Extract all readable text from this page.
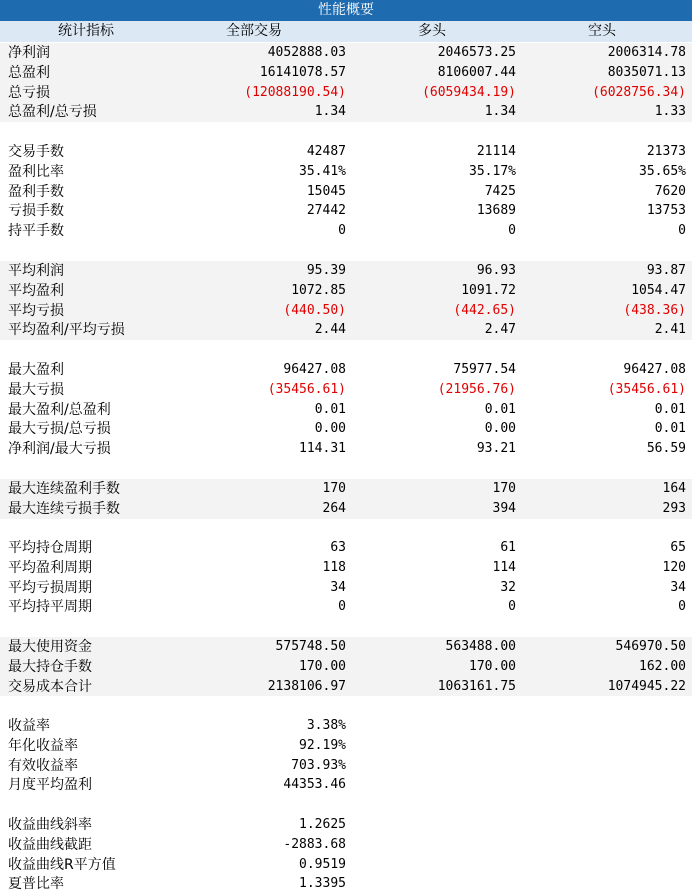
性能概要
统计指标	全部交易	多头	空头
净利润	4052888.03	2046573.25	2006314.78
总盈利	16141078.57	8106007.44	8035071.13
总亏损	(12088190.54)	(6059434.19)	(6028756.34)
总盈利/总亏损	1.34	1.34	1.33
交易手数	42487	21114	21373
盈利比率	35.41%	35.17%	35.65%
盈利手数	15045	7425	7620
亏损手数	27442	13689	13753
持平手数	0	0	0
平均利润	95.39	96.93	93.87
平均盈利	1072.85	1091.72	1054.47
平均亏损	(440.50)	(442.65)	(438.36)
平均盈利/平均亏损	2.44	2.47	2.41
最大盈利	96427.08	75977.54	96427.08
最大亏损	(35456.61)	(21956.76)	(35456.61)
最大盈利/总盈利	0.01	0.01	0.01
最大亏损/总亏损	0.00	0.00	0.01
净利润/最大亏损	114.31	93.21	56.59
最大连续盈利手数	170	170	164
最大连续亏损手数	264	394	293
平均持仓周期	63	61	65
平均盈利周期	118	114	120
平均亏损周期	34	32	34
平均持平周期	0	0	0
最大使用资金	575748.50	563488.00	546970.50
最大持仓手数	170.00	170.00	162.00
交易成本合计	2138106.97	1063161.75	1074945.22
收益率	3.38%
年化收益率	92.19%
有效收益率	703.93%
月度平均盈利	44353.46
收益曲线斜率	1.2625
收益曲线截距	-2883.68
收益曲线R平方值	0.9519
夏普比率	1.3395
